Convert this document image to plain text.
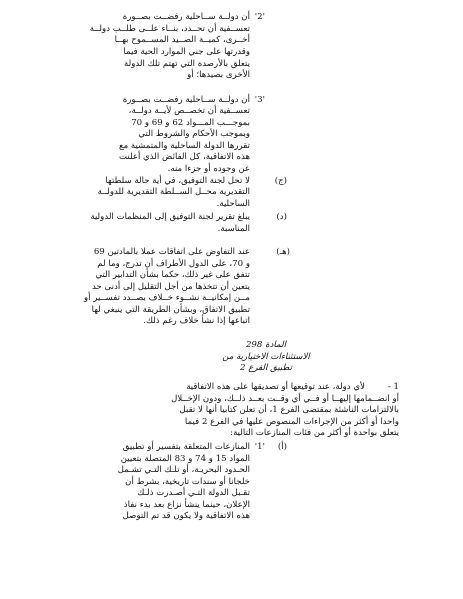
'2'
أن دولــة ســاحلية رفضــت بصــورة
تعســفية أن تحــدد، بنــاء علــى طلــب دولــة
أخــرى، كميــة الصــيد المســموح بهــا
وقدرتها على جني الموارد الحية فيما
يتعلق بالأرصدة التي تهتم تلك الدولة
الأخرى بصيدها؛ أو
'3'
أن دولــة ســاحلية رفضــت بصــورة
تعســفية أن تخصــص لأيــة دولــة،
بموجـــب المـــواد 62 و 69 و 70
وبموجب الأحكام والشروط التي
تقررها الدولة الساحلية والمتمشية مع
هذه الاتفاقية، كل الفائض الذي أعلنت
عن وجوده أو جزءا منه.
(ج)
لا تحل لجنة التوفيق، في أية حالة سلطتها
التقديرية محــل الســلطة التقديرية للدولــة
الساحلية.
(د)
يبلغ تقرير لجنة التوفيق إلى المنظمات الدولية
المناسبة.
(هـ)
عند التفاوض على اتفاقات عملا بالمادتين 69
و 70، على الدول الأطراف أن تدرج، وما لم
تتفق على غير ذلك، حكما بشأن التدابير التي
يتعين أن تتخذها من أجل التقليل إلى أدنى حد
مــن إمكانيــة نشــوء خــلاف بصــدد تفســير أو
تطبيق الاتفاق، وبشأن الطريقة التي ينبغي لها
اتباعها إذا نشأ خلاف رغم ذلك.
المادة 298
الاستثناءات الاختيارية من
تطبيق الفرع 2
1 -
لأي دولة، عند توقيعها أو تصديقها على هذه الاتفاقية
أو انضــمامها إليهــا أو فــي أي وقــت بعــد ذلــك، ودون الإخــلال
بالالتزامات الناشئة بمقتضى الفرع 1، أن تعلن كتابيا أنها لا تقبل
واحدا أو أكثر من الإجراءات المنصوص عليها في الفرع 2 فيما
يتعلق بواحدة أو أكثر من فئات المنازعات التالية:
(أ)
'1'
المنازعات المتعلقة بتفسير أو تطبيق
المواد 15 و 74 و 83 المتصلة بتعيين
الحـدود البحريـة، أو تلـك التـي تشـمل
خلجانا أو سندات تاريخية، بشرط أن
تقـبل الدولة التـي أصـدرت ذلـك
الإعلان، حينما ينشأ نزاع بعد بدء نفاذ
هذه الاتفاقية ولا يكون قد تم التوصل
